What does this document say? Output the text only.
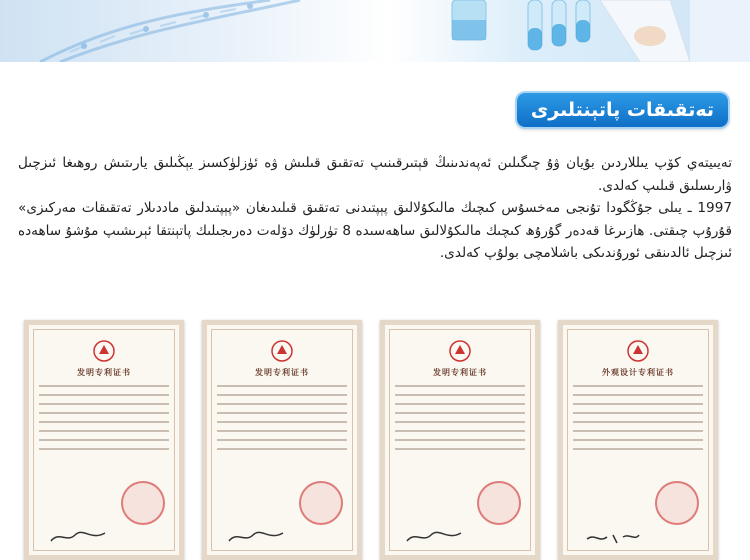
تەتقىقات پاتېنتلىرى

تەيىيتەي كۆپ يىللاردىن بۇيان ۋۇ چىگىلىن ئەپەندىنىڭ قېتىرقىنىپ تەتقىق قىلىش ۋە ئۈزلۈكسىز يېڭىلىق يارىتىش روھىغا ئىزچىل ۋارىسلىق قىلىپ كەلدى.

1997 ـ يىلى جۇڭگودا تۇنجى مەخسۇس كىچىك مالىكۇلالىق پېپتىدنى تەتقىق قىلىدىغان «پېپتىدلىق ماددىلار تەتقىقات مەركىزى» قۇرۇپ چىقتى. ھازىرغا قەدەر گۇرۇھ كىچىك مالىكۇلالىق ساھەسىدە 8 تۈرلۈك دۆلەت دەرىجىلىك پاتېنتقا ئېرىشىپ مۇشۇ ساھەدە ئىزچىل ئالدىنقى ئورۇندىكى باشلامچى بولۇپ كەلدى.

发明专利证书	发明专利证书	发明专利证书	外观设计专利证书
